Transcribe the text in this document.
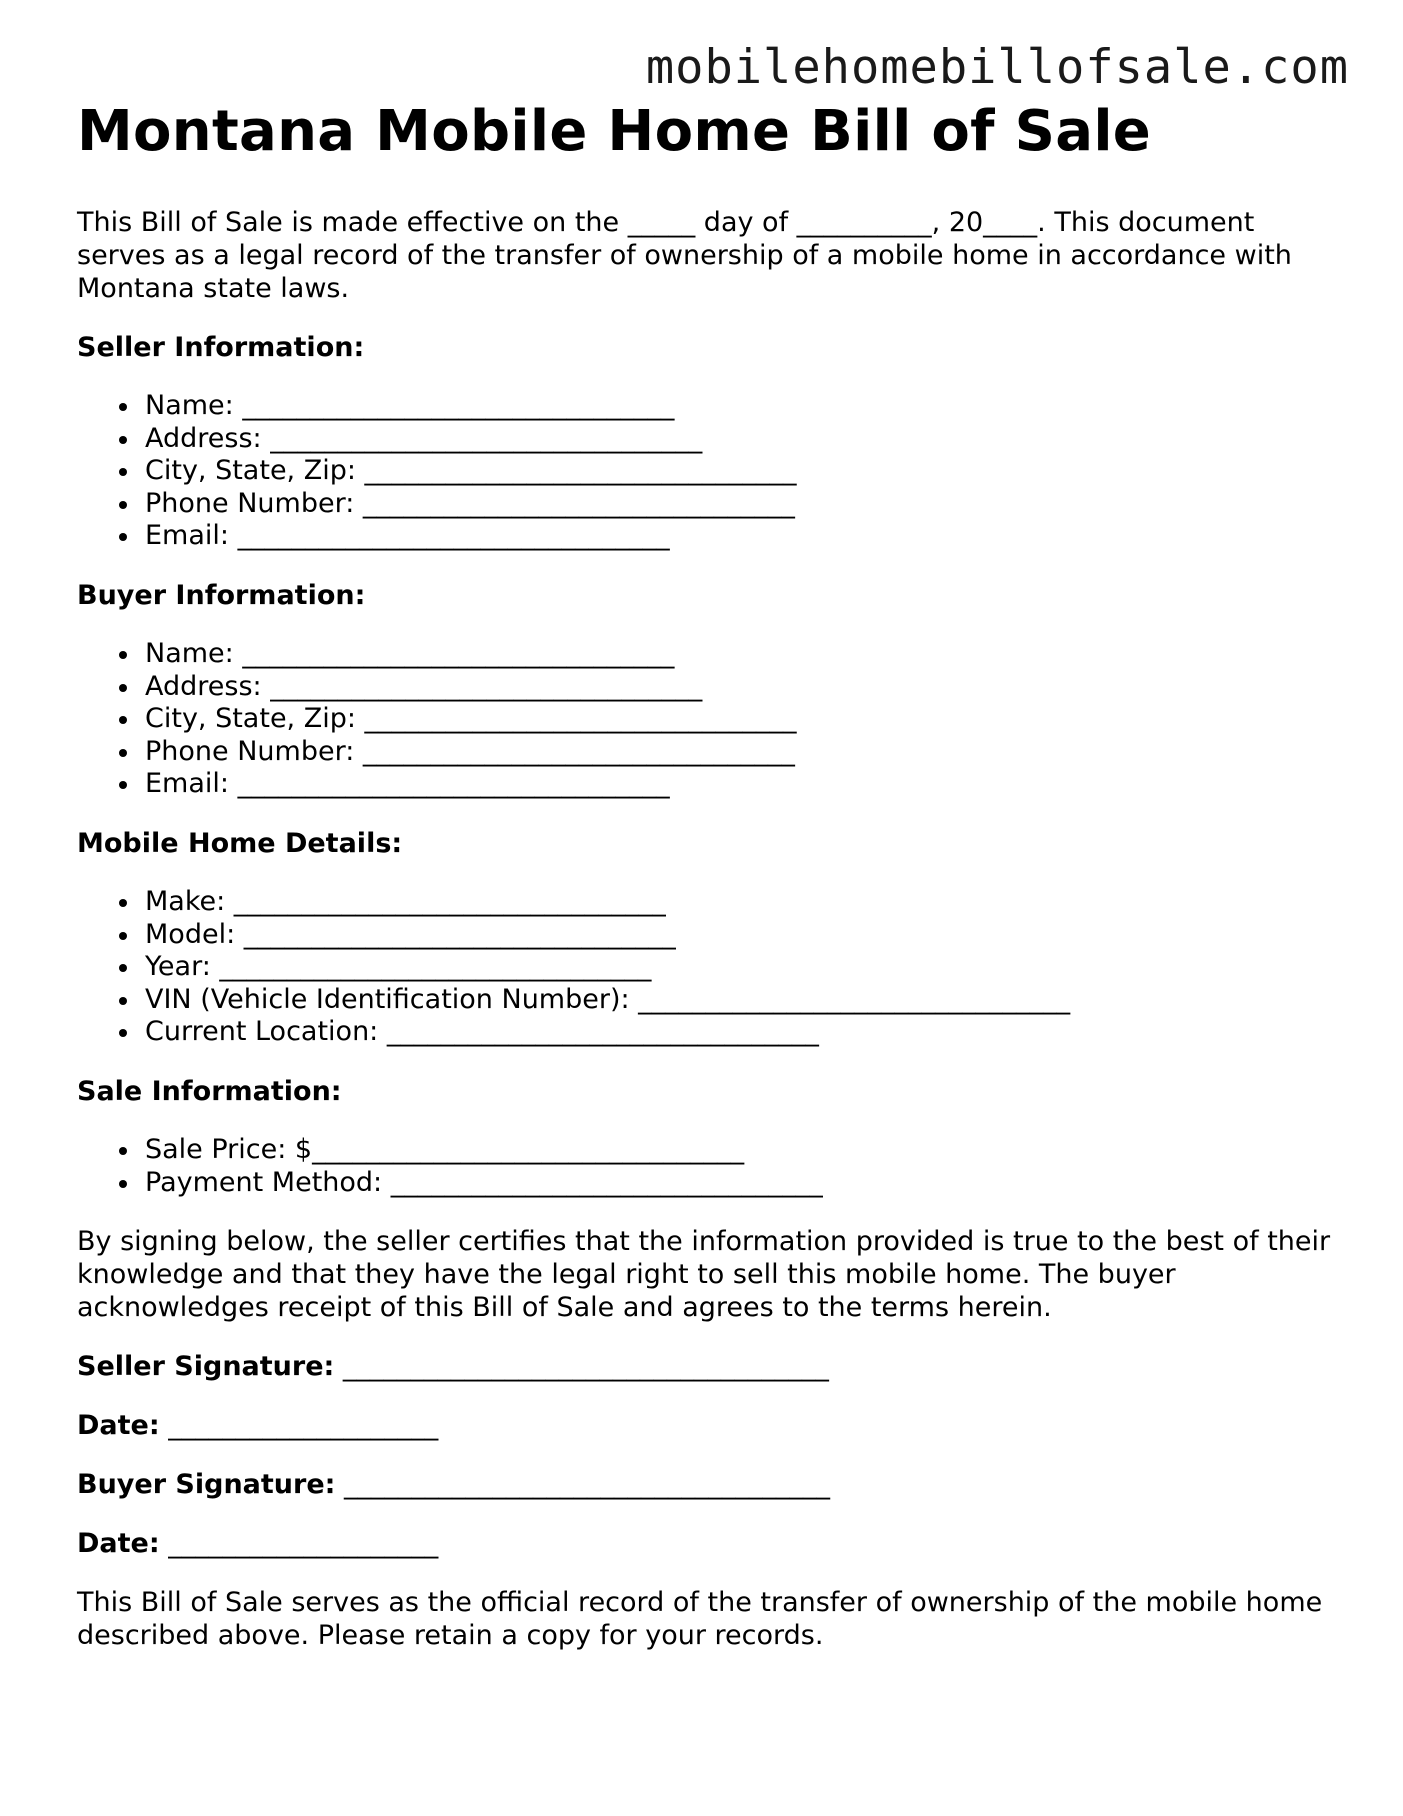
mobilehomebillofsale.com
Montana Mobile Home Bill of Sale

This Bill of Sale is made effective on the _____ day of __________, 20____. This document serves as a legal record of the transfer of ownership of a mobile home in accordance with Montana state laws.

Seller Information:
Name: ________________________________
Address: ________________________________
City, State, Zip: ________________________________
Phone Number: ________________________________
Email: ________________________________
Buyer Information:
Name: ________________________________
Address: ________________________________
City, State, Zip: ________________________________
Phone Number: ________________________________
Email: ________________________________
Mobile Home Details:
Make: ________________________________
Model: ________________________________
Year: ________________________________
VIN (Vehicle Identification Number): ________________________________
Current Location: ________________________________
Sale Information:
Sale Price: $________________________________
Payment Method: ________________________________

By signing below, the seller certifies that the information provided is true to the best of their knowledge and that they have the legal right to sell this mobile home. The buyer acknowledges receipt of this Bill of Sale and agrees to the terms herein.

Seller Signature: ____________________________________
Date: ____________________
Buyer Signature: ____________________________________
Date: ____________________

This Bill of Sale serves as the official record of the transfer of ownership of the mobile home described above. Please retain a copy for your records.
